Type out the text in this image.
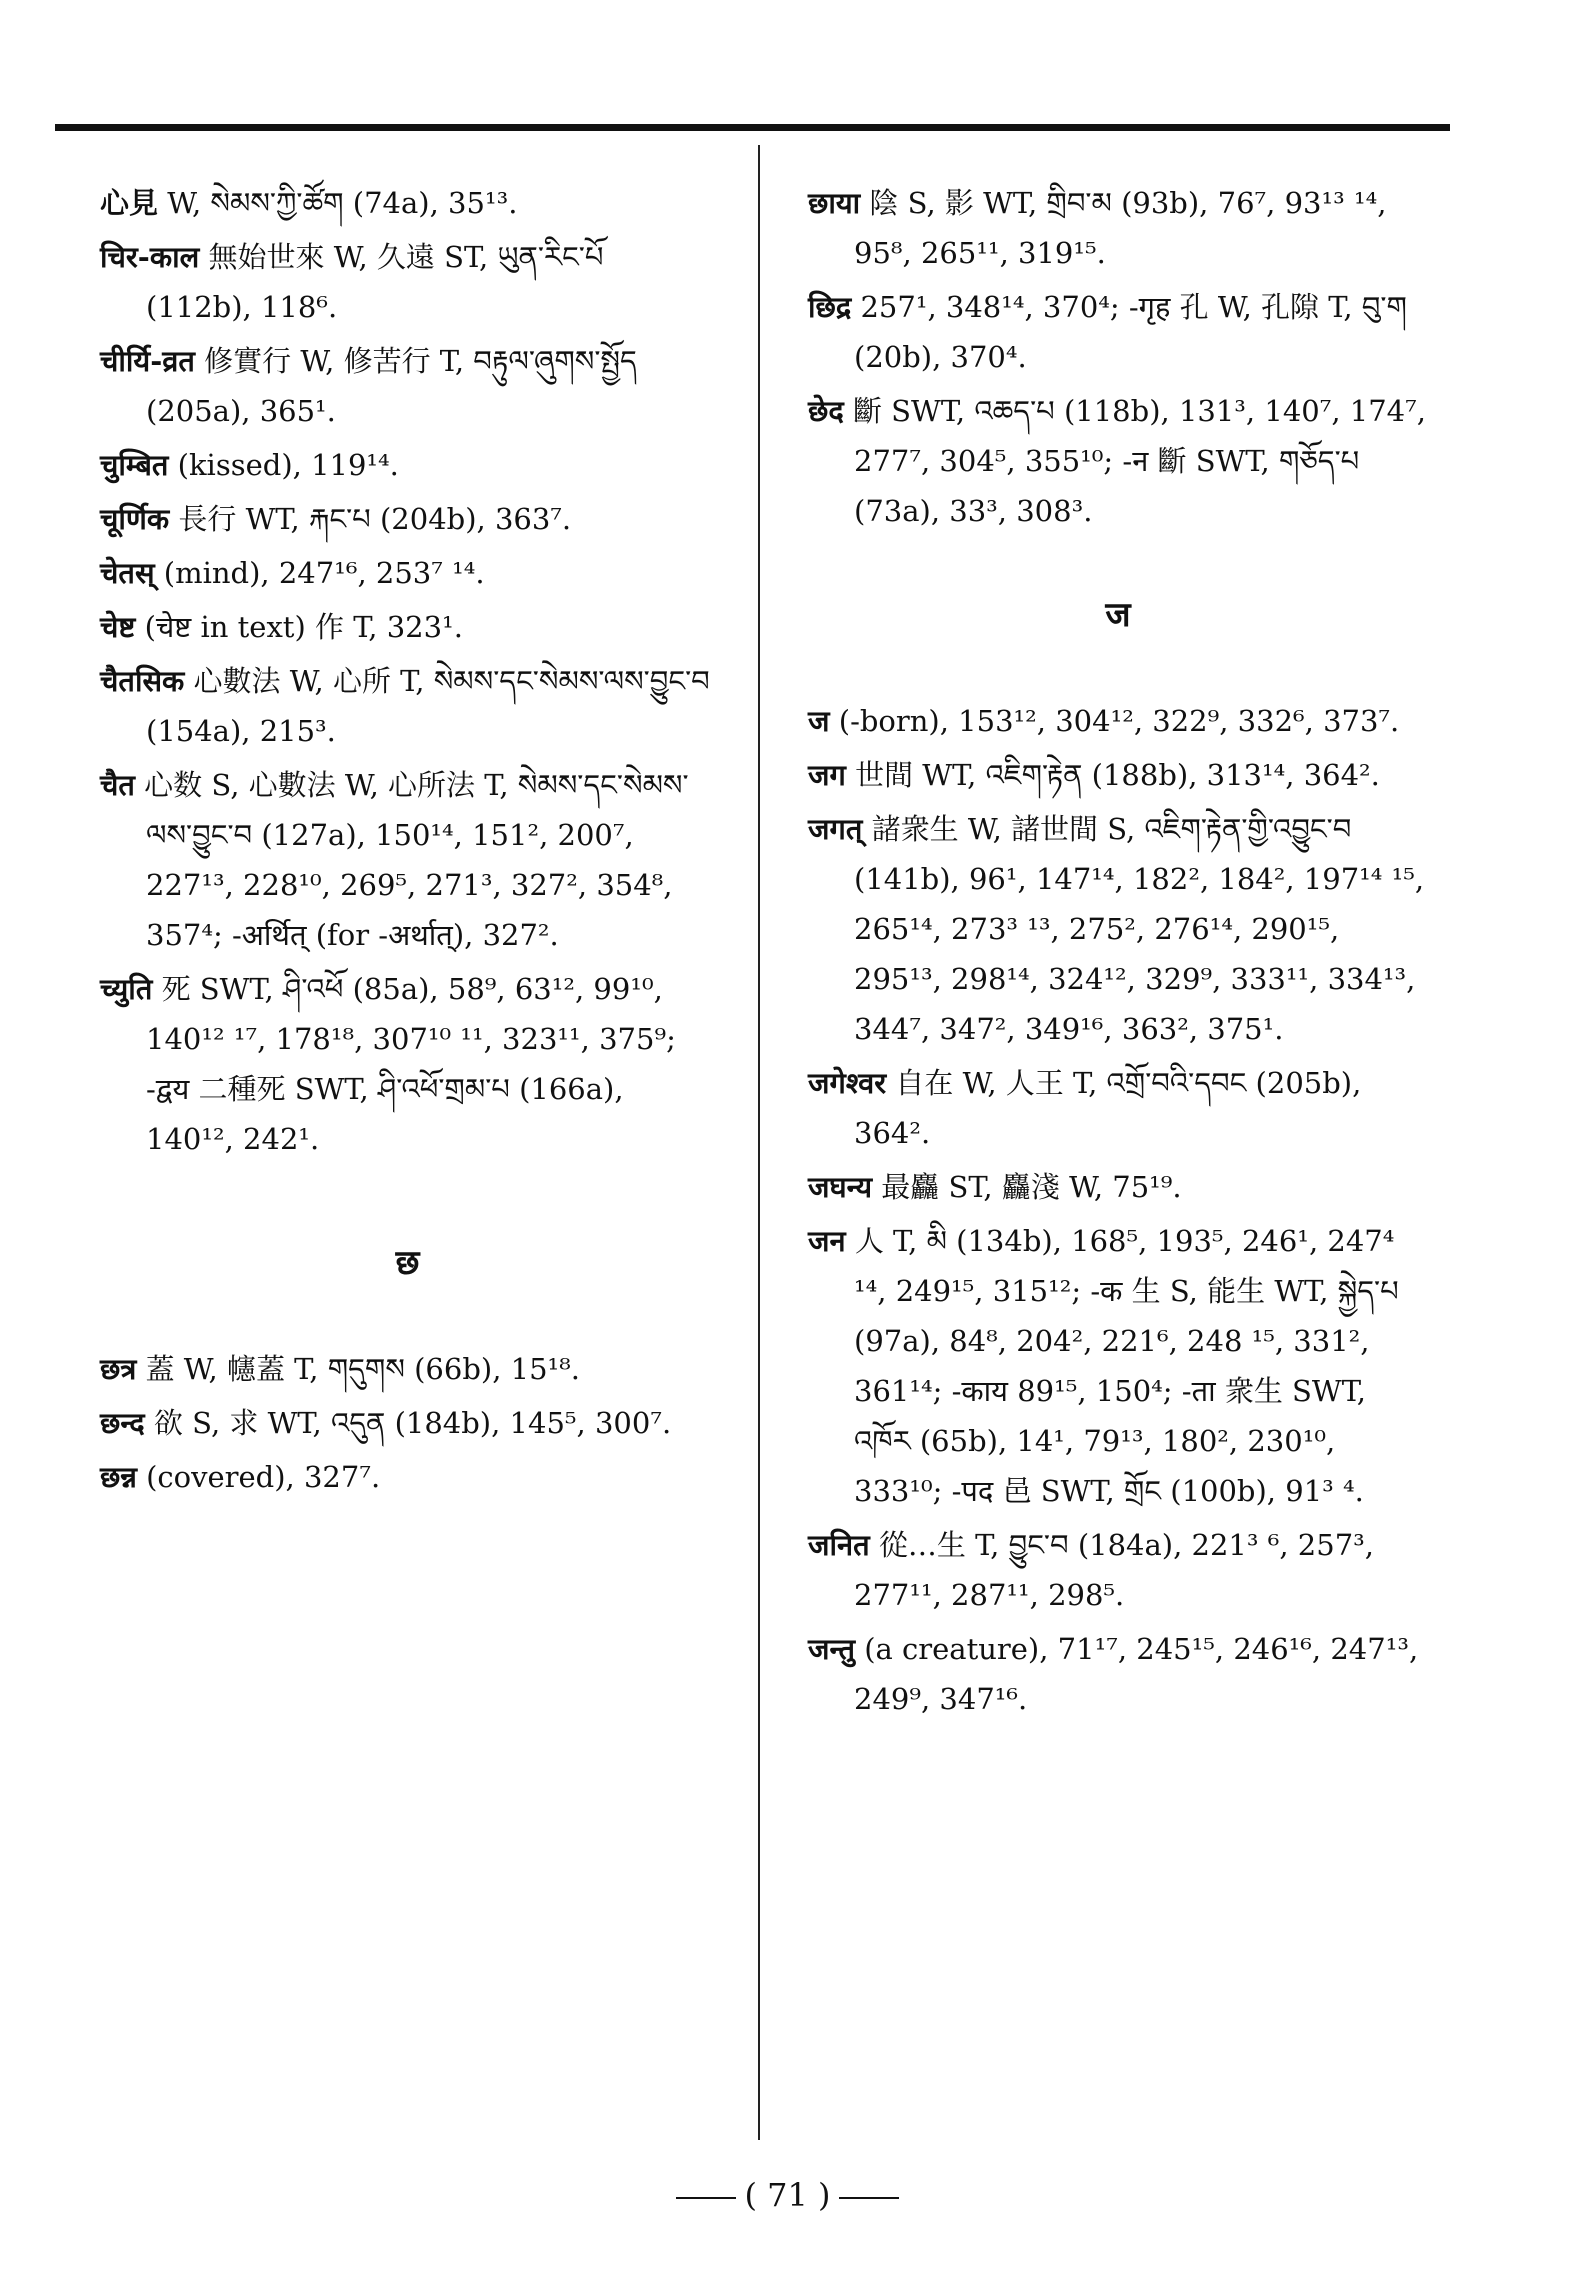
心見 W, སེམས་ཀྱི་ཚོག (74a), 35¹³.
चिर-काल 無始世來 W, 久遠 ST, ཡུན་རིང་པོ (112b), 118⁶.
चीर्यि-व्रत 修實行 W, 修苦行 T, བརྟུལ་ཞུགས་སྤྱོད (205a), 365¹.
चुम्बित (kissed), 119¹⁴.
चूर्णिक 長行 WT, རྐང་པ (204b), 363⁷.
चेतस् (mind), 247¹⁶, 253⁷ ¹⁴.
चेष्ट (चेष्ट in text) 作 T, 323¹.
चैतसिक 心數法 W, 心所 T, སེམས་དང་སེམས་ལས་བྱུང་བ (154a), 215³.
चैत 心数 S, 心數法 W, 心所法 T, སེམས་དང་སེམས་ལས་བྱུང་བ (127a), 150¹⁴, 151², 200⁷, 227¹³, 228¹⁰, 269⁵, 271³, 327², 354⁸, 357⁴; -अर्थित् (for -अर्थात्), 327².
च्युति 死 SWT, ཤི་འཕོ (85a), 58⁹, 63¹², 99¹⁰, 140¹² ¹⁷, 178¹⁸, 307¹⁰ ¹¹, 323¹¹, 375⁹; -द्वय 二種死 SWT, ཤི་འཕོ་གྲམ་པ (166a), 140¹², 242¹.
छ
छत्र 蓋 W, 幰蓋 T, གདུགས (66b), 15¹⁸.
छन्द 欲 S, 求 WT, འདུན (184b), 145⁵, 300⁷.
छन्न (covered), 327⁷.
छाया 陰 S, 影 WT, གྲིབ་མ (93b), 76⁷, 93¹³ ¹⁴, 95⁸, 265¹¹, 319¹⁵.
छिद्र 257¹, 348¹⁴, 370⁴; -गृह 孔 W, 孔隙 T, བུ་ག (20b), 370⁴.
छेद 斷 SWT, འཆད་པ (118b), 131³, 140⁷, 174⁷, 277⁷, 304⁵, 355¹⁰; -न 斷 SWT, གཅོད་པ (73a), 33³, 308³.
ज
ज (-born), 153¹², 304¹², 322⁹, 332⁶, 373⁷.
जग 世間 WT, འཇིག་རྟེན (188b), 313¹⁴, 364².
जगत् 諸衆生 W, 諸世間 S, འཇིག་རྟེན་གྱི་འབྱུང་བ (141b), 96¹, 147¹⁴, 182², 184², 197¹⁴ ¹⁵, 265¹⁴, 273³ ¹³, 275², 276¹⁴, 290¹⁵, 295¹³, 298¹⁴, 324¹², 329⁹, 333¹¹, 334¹³, 344⁷, 347², 349¹⁶, 363², 375¹.
जगेश्वर 自在 W, 人王 T, འགྲོ་བའི་དབང (205b), 364².
जघन्य 最麤 ST, 麤淺 W, 75¹⁹.
जन 人 T, མི (134b), 168⁵, 193⁵, 246¹, 247⁴ ¹⁴, 249¹⁵, 315¹²; -क 生 S, 能生 WT, སྐྱེད་པ (97a), 84⁸, 204², 221⁶, 248 ¹⁵, 331², 361¹⁴; -काय 89¹⁵, 150⁴; -ता 衆生 SWT, འཁོར (65b), 14¹, 79¹³, 180², 230¹⁰, 333¹⁰; -पद 邑 SWT, གྲོང (100b), 91³ ⁴.
जनित 從…生 T, བྱུང་བ (184a), 221³ ⁶, 257³, 277¹¹, 287¹¹, 298⁵.
जन्तु (a creature), 71¹⁷, 245¹⁵, 246¹⁶, 247¹³, 249⁹, 347¹⁶.
( 71 )
